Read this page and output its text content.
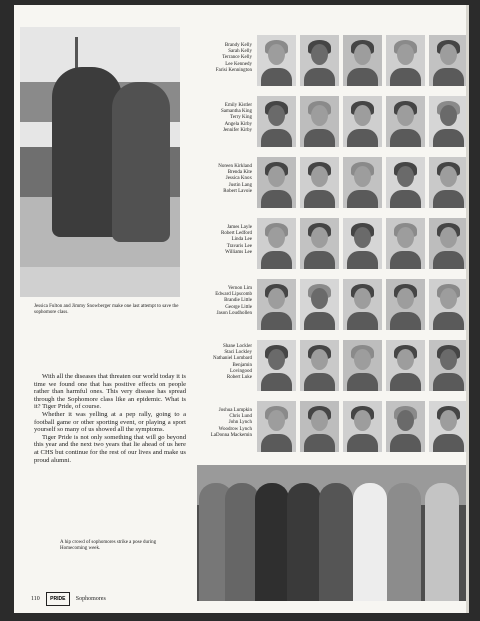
Jessica Fulton and Jimmy Snowberger make one last attempt to save the sophomore class.

With all the diseases that threaten our world today it is time we found one that has positive effects on people rather than harmful ones. This very disease has spread through the Sophomore class like an epidemic. What is it? Tiger Pride, of course.

Whether it was yelling at a pep rally, going to a football game or other sporting event, or playing a sport yourself so many of us showed all the symptoms.

Tiger Pride is not only something that will go beyond this year and the next two years that lie ahead of us here at CHS but continue for the rest of our lives and make us proud alumni.

Brandy Kelly
Sarah Kelly
Terrance Kelly
Lee Kennedy
Farisi Kennington
Emily Kistler
Samantha King
Terry King
Angela Kirby
Jennifer Kirby
Noreen Kirkland
Brenda Kite
Jessica Knox
Justin Lang
Robert Lavoie
James Layle
Robert Ledford
Linda Lee
Travaris Lee
Williams Lee
Vernon Lim
Edward Lipscomb
Brandie Little
George Little
Jason Loudhollen
Shane Lockler
Staci Lockley
Nathaniel Lombard
Benjamin
Lovingood
Robert Luke
Joshua Lumpkin
Chris Lund
John Lynch
Woodrow Lynch
LaDonna Mackemin
A hip crowd of sophomores strike a pose during Homecoming week.
110	PRIDE	Sophomores
